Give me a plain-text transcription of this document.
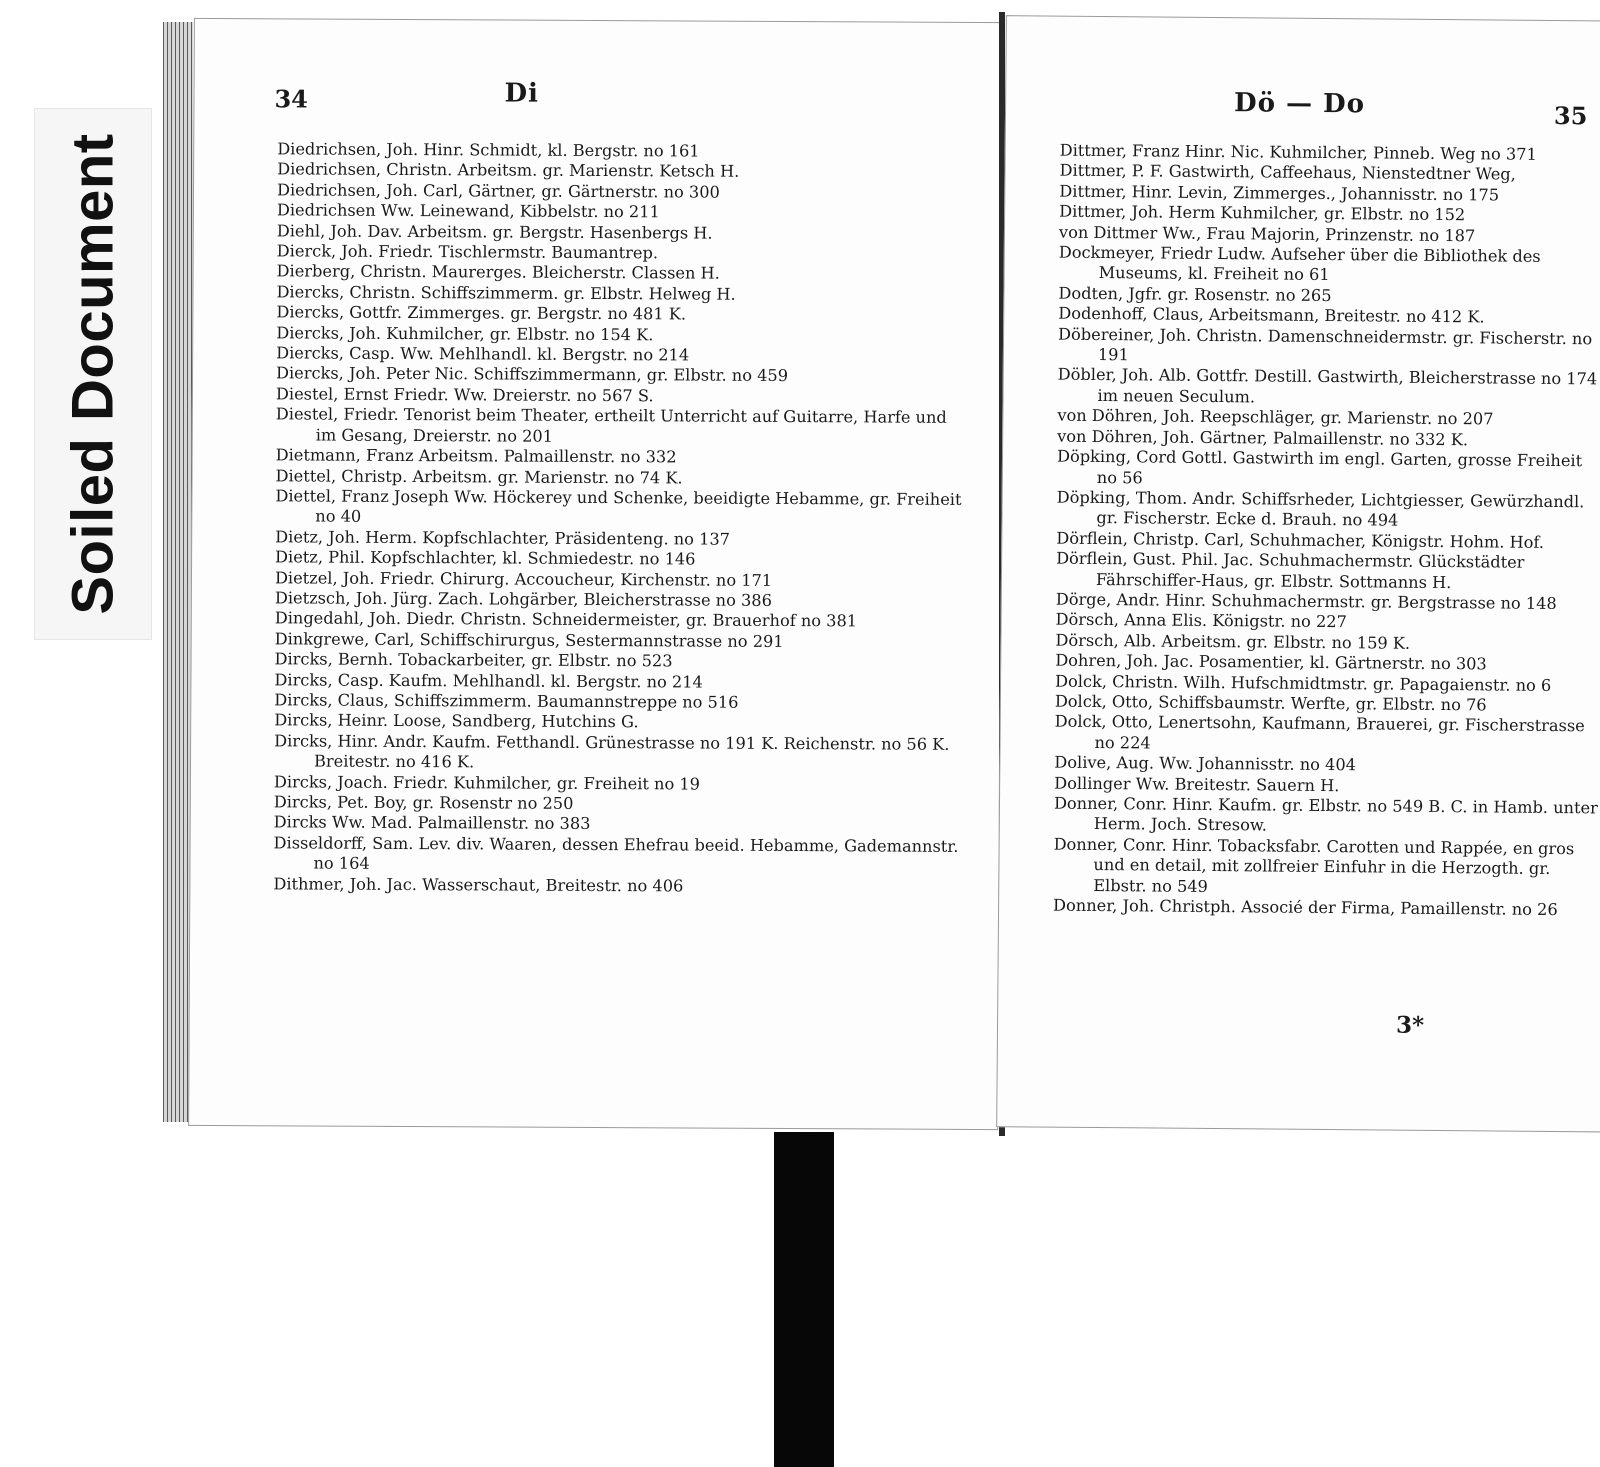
Soiled Document
34	Di
Diedrichsen, Joh. Hinr. Schmidt, kl. Bergstr. no 161
Diedrichsen, Christn. Arbeitsm. gr. Marienstr. Ketsch H.
Diedrichsen, Joh. Carl, Gärtner, gr. Gärtnerstr. no 300
Diedrichsen Ww. Leinewand, Kibbelstr. no 211
Diehl, Joh. Dav. Arbeitsm. gr. Bergstr. Hasenbergs H.
Dierck, Joh. Friedr. Tischlermstr. Baumantrep.
Dierberg, Christn. Maurerges. Bleicherstr. Classen H.
Diercks, Christn. Schiffszimmerm. gr. Elbstr. Helweg H.
Diercks, Gottfr. Zimmerges. gr. Bergstr. no 481 K.
Diercks, Joh. Kuhmilcher, gr. Elbstr. no 154 K.
Diercks, Casp. Ww. Mehlhandl. kl. Bergstr. no 214
Diercks, Joh. Peter Nic. Schiffszimmermann, gr. Elbstr. no 459
Diestel, Ernst Friedr. Ww. Dreierstr. no 567 S.
Diestel, Friedr. Tenorist beim Theater, ertheilt Unterricht auf Guitarre, Harfe und im Gesang, Dreierstr. no 201
Dietmann, Franz Arbeitsm. Palmaillenstr. no 332
Diettel, Christp. Arbeitsm. gr. Marienstr. no 74 K.
Diettel, Franz Joseph Ww. Höckerey und Schenke, beeidigte Hebamme, gr. Freiheit no 40
Dietz, Joh. Herm. Kopfschlachter, Präsidenteng. no 137
Dietz, Phil. Kopfschlachter, kl. Schmiedestr. no 146
Dietzel, Joh. Friedr. Chirurg. Accoucheur, Kirchenstr. no 171
Dietzsch, Joh. Jürg. Zach. Lohgärber, Bleicherstrasse no 386
Dingedahl, Joh. Diedr. Christn. Schneidermeister, gr. Brauerhof no 381
Dinkgrewe, Carl, Schiffschirurgus, Sestermannstrasse no 291
Dircks, Bernh. Tobackarbeiter, gr. Elbstr. no 523
Dircks, Casp. Kaufm. Mehlhandl. kl. Bergstr. no 214
Dircks, Claus, Schiffszimmerm. Baumannstreppe no 516
Dircks, Heinr. Loose, Sandberg, Hutchins G.
Dircks, Hinr. Andr. Kaufm. Fetthandl. Grünestrasse no 191 K. Reichenstr. no 56 K. Breitestr. no 416 K.
Dircks, Joach. Friedr. Kuhmilcher, gr. Freiheit no 19
Dircks, Pet. Boy, gr. Rosenstr no 250
Dircks Ww. Mad. Palmaillenstr. no 383
Disseldorff, Sam. Lev. div. Waaren, dessen Ehefrau beeid. Hebamme, Gademannstr. no 164
Dithmer, Joh. Jac. Wasserschaut, Breitestr. no 406
Dö — Do	35
Dittmer, Franz Hinr. Nic. Kuhmilcher, Pinneb. Weg no 371
Dittmer, P. F. Gastwirth, Caffeehaus, Nienstedtner Weg,
Dittmer, Hinr. Levin, Zimmerges., Johannisstr. no 175
Dittmer, Joh. Herm Kuhmilcher, gr. Elbstr. no 152
von Dittmer Ww., Frau Majorin, Prinzenstr. no 187
Dockmeyer, Friedr Ludw. Aufseher über die Bibliothek des Museums, kl. Freiheit no 61
Dodten, Jgfr. gr. Rosenstr. no 265
Dodenhoff, Claus, Arbeitsmann, Breitestr. no 412 K.
Döbereiner, Joh. Christn. Damenschneidermstr. gr. Fischerstr. no 191
Döbler, Joh. Alb. Gottfr. Destill. Gastwirth, Bleicherstrasse no 174 im neuen Seculum.
von Döhren, Joh. Reepschläger, gr. Marienstr. no 207
von Döhren, Joh. Gärtner, Palmaillenstr. no 332 K.
Döpking, Cord Gottl. Gastwirth im engl. Garten, grosse Freiheit no 56
Döpking, Thom. Andr. Schiffsrheder, Lichtgiesser, Gewürzhandl. gr. Fischerstr. Ecke d. Brauh. no 494
Dörflein, Christp. Carl, Schuhmacher, Königstr. Hohm. Hof.
Dörflein, Gust. Phil. Jac. Schuhmachermstr. Glückstädter Fährschiffer-Haus, gr. Elbstr. Sottmanns H.
Dörge, Andr. Hinr. Schuhmachermstr. gr. Bergstrasse no 148
Dörsch, Anna Elis. Königstr. no 227
Dörsch, Alb. Arbeitsm. gr. Elbstr. no 159 K.
Dohren, Joh. Jac. Posamentier, kl. Gärtnerstr. no 303
Dolck, Christn. Wilh. Hufschmidtmstr. gr. Papagaienstr. no 6
Dolck, Otto, Schiffsbaumstr. Werfte, gr. Elbstr. no 76
Dolck, Otto, Lenertsohn, Kaufmann, Brauerei, gr. Fischerstrasse no 224
Dolive, Aug. Ww. Johannisstr. no 404
Dollinger Ww. Breitestr. Sauern H.
Donner, Conr. Hinr. Kaufm. gr. Elbstr. no 549 B. C. in Hamb. unter Herm. Joch. Stresow.
Donner, Conr. Hinr. Tobacksfabr. Carotten und Rappée, en gros und en detail, mit zollfreier Einfuhr in die Herzogth. gr. Elbstr. no 549
Donner, Joh. Christph. Associé der Firma, Pamaillenstr. no 26
3*
